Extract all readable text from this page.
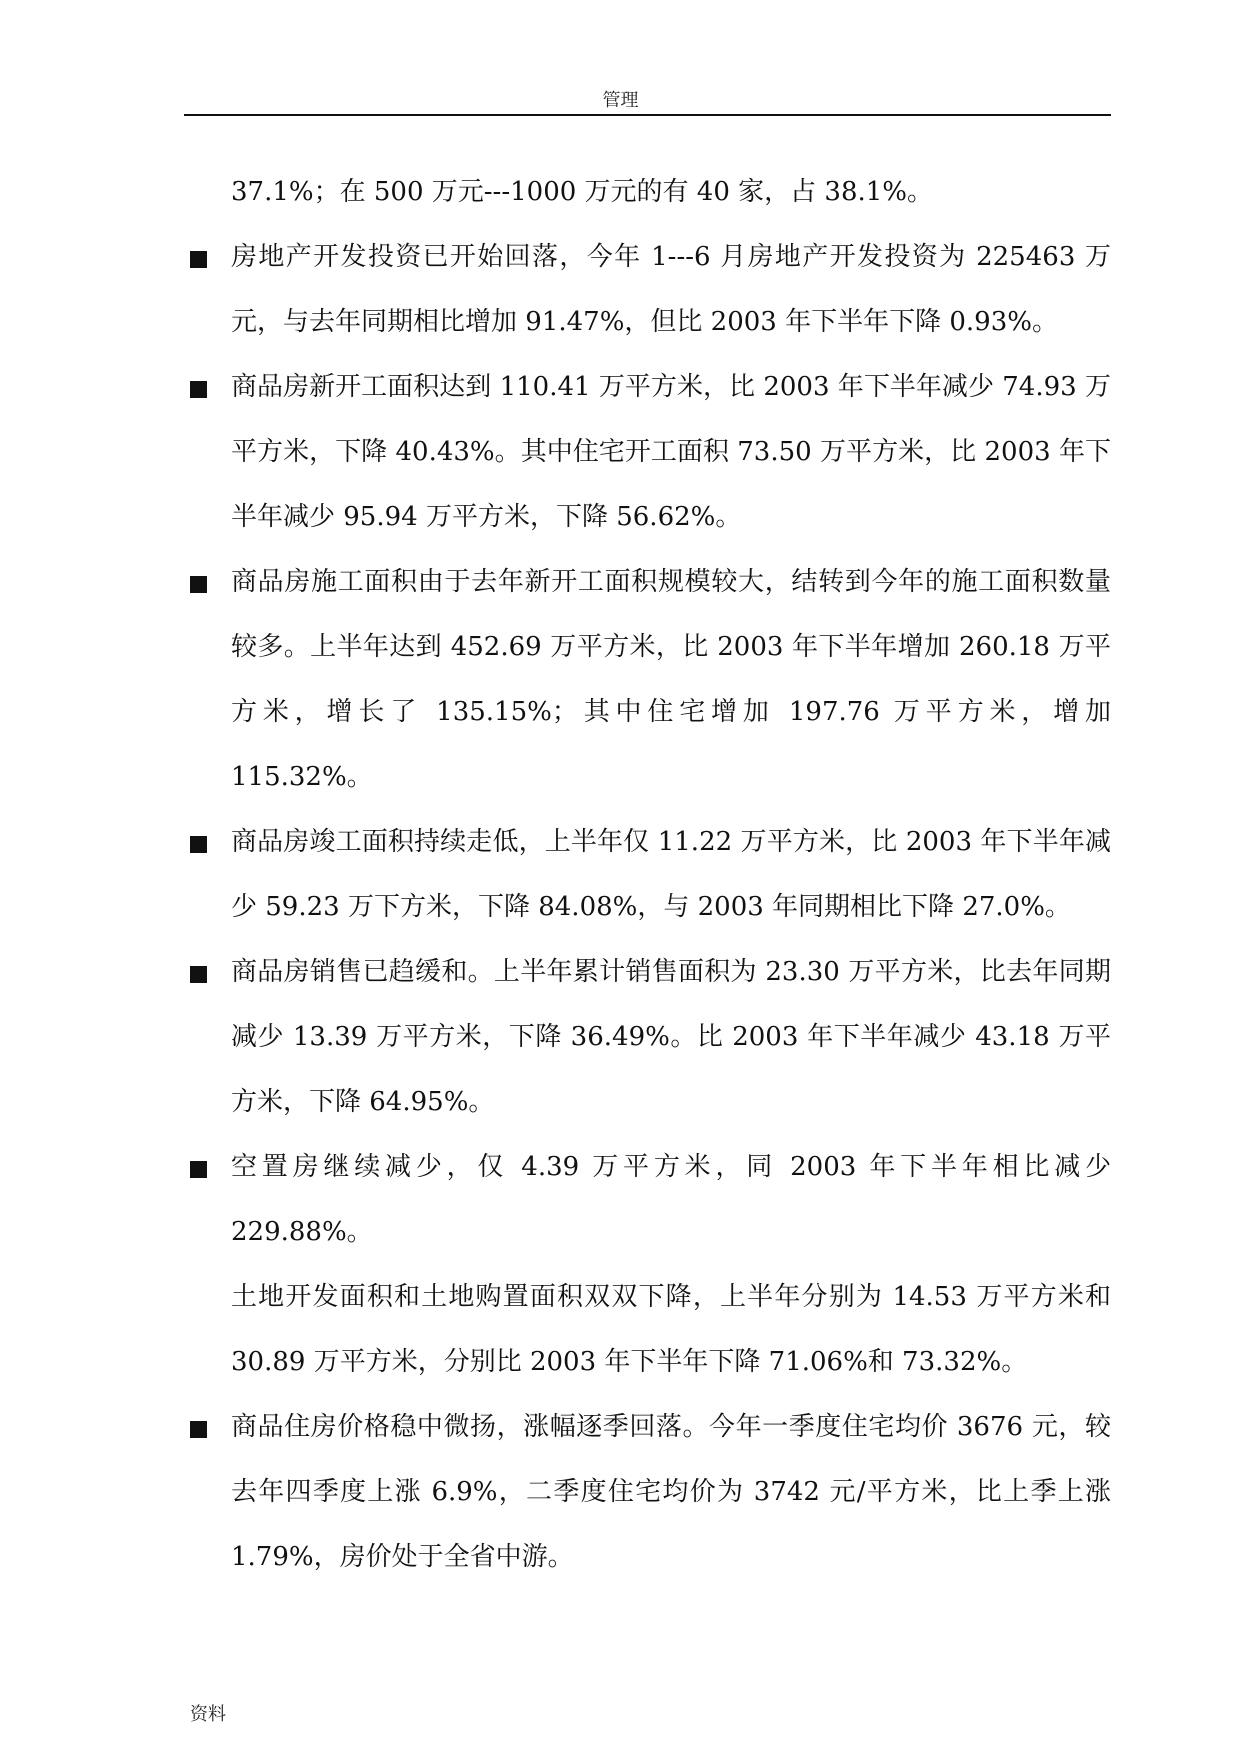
管理

37.1%；在 500 万元---1000 万元的有 40 家，占 38.1%。

房地产开发投资已开始回落，今年 1---6 月房地产开发投资为 225463 万元，与去年同期相比增加 91.47%，但比 2003 年下半年下降 0.93%。

商品房新开工面积达到 110.41 万平方米，比 2003 年下半年减少 74.93 万平方米，下降 40.43%。其中住宅开工面积 73.50 万平方米，比 2003 年下半年减少 95.94 万平方米，下降 56.62%。

商品房施工面积由于去年新开工面积规模较大，结转到今年的施工面积数量较多。上半年达到 452.69 万平方米，比 2003 年下半年增加 260.18 万平方米，增长了 135.15%；其中住宅增加 197.76 万平方米，增加 115.32%。

商品房竣工面积持续走低，上半年仅 11.22 万平方米，比 2003 年下半年减少 59.23 万下方米，下降 84.08%，与 2003 年同期相比下降 27.0%。

商品房销售已趋缓和。上半年累计销售面积为 23.30 万平方米，比去年同期减少 13.39 万平方米，下降 36.49%。比 2003 年下半年减少 43.18 万平方米，下降 64.95%。

空置房继续减少，仅 4.39 万平方米，同 2003 年下半年相比减少 229.88%。

土地开发面积和土地购置面积双双下降，上半年分别为 14.53 万平方米和 30.89 万平方米，分别比 2003 年下半年下降 71.06%和 73.32%。

商品住房价格稳中微扬，涨幅逐季回落。今年一季度住宅均价 3676 元，较去年四季度上涨 6.9%，二季度住宅均价为 3742 元/平方米，比上季上涨 1.79%，房价处于全省中游。

资料
